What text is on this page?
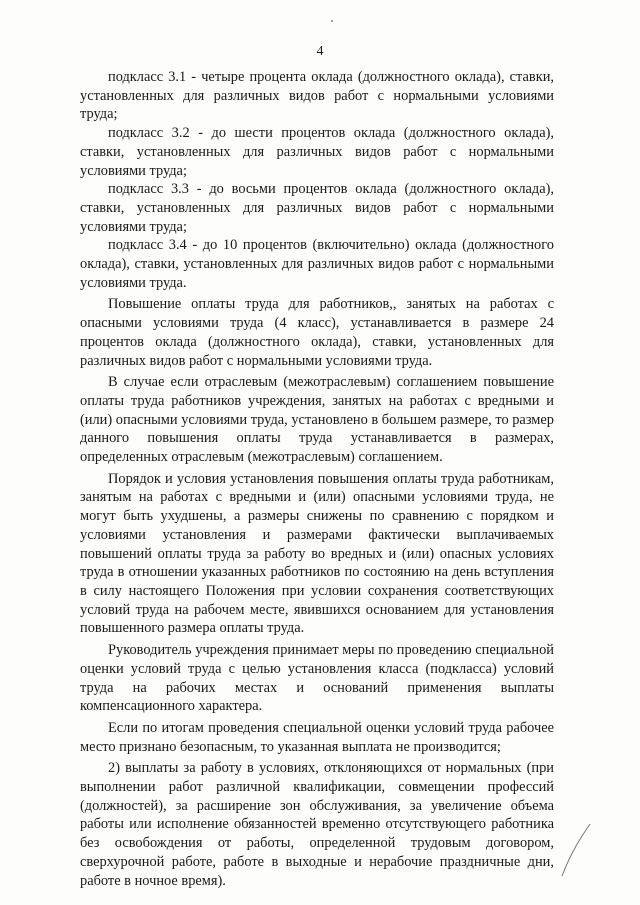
4

подкласс 3.1 - четыре процента оклада (должностного оклада), ставки, установленных для различных видов работ с нормальными условиями труда;

подкласс 3.2 - до шести процентов оклада (должностного оклада), ставки, установленных для различных видов работ с нормальными условиями труда;

подкласс 3.3 - до восьми процентов оклада (должностного оклада), ставки, установленных для различных видов работ с нормальными условиями труда;

подкласс 3.4 - до 10 процентов (включительно) оклада (должностного оклада), ставки, установленных для различных видов работ с нормальными условиями труда.

Повышение оплаты труда для работников,, занятых на работах с опасными условиями труда (4 класс), устанавливается в размере 24 процентов оклада (должностного оклада), ставки, установленных для различных видов работ с нормальными условиями труда.

В случае если отраслевым (межотраслевым) соглашением повышение оплаты труда работников учреждения, занятых на работах с вредными и (или) опасными условиями труда, установлено в большем размере, то размер данного повышения оплаты труда устанавливается в размерах, определенных отраслевым (межотраслевым) соглашением.

Порядок и условия установления повышения оплаты труда работникам, занятым на работах с вредными и (или) опасными условиями труда, не могут быть ухудшены, а размеры снижены по сравнению с порядком и условиями установления и размерами фактически выплачиваемых повышений оплаты труда за работу во вредных и (или) опасных условиях труда в отношении указанных работников по состоянию на день вступления в силу настоящего Положения при условии сохранения соответствующих условий труда на рабочем месте, явившихся основанием для установления повышенного размера оплаты труда.

Руководитель учреждения принимает меры по проведению специальной оценки условий труда с целью установления класса (подкласса) условий труда на рабочих местах и оснований применения выплаты компенсационного характера.

Если по итогам проведения специальной оценки условий труда рабочее место признано безопасным, то указанная выплата не производится;

2) выплаты за работу в условиях, отклоняющихся от нормальных (при выполнении работ различной квалификации, совмещении профессий (должностей), за расширение зон обслуживания, за увеличение объема работы или исполнение обязанностей временно отсутствующего работника без освобождения от работы, определенной трудовым договором, сверхурочной работе, работе в выходные и нерабочие праздничные дни, работе в ночное время).
